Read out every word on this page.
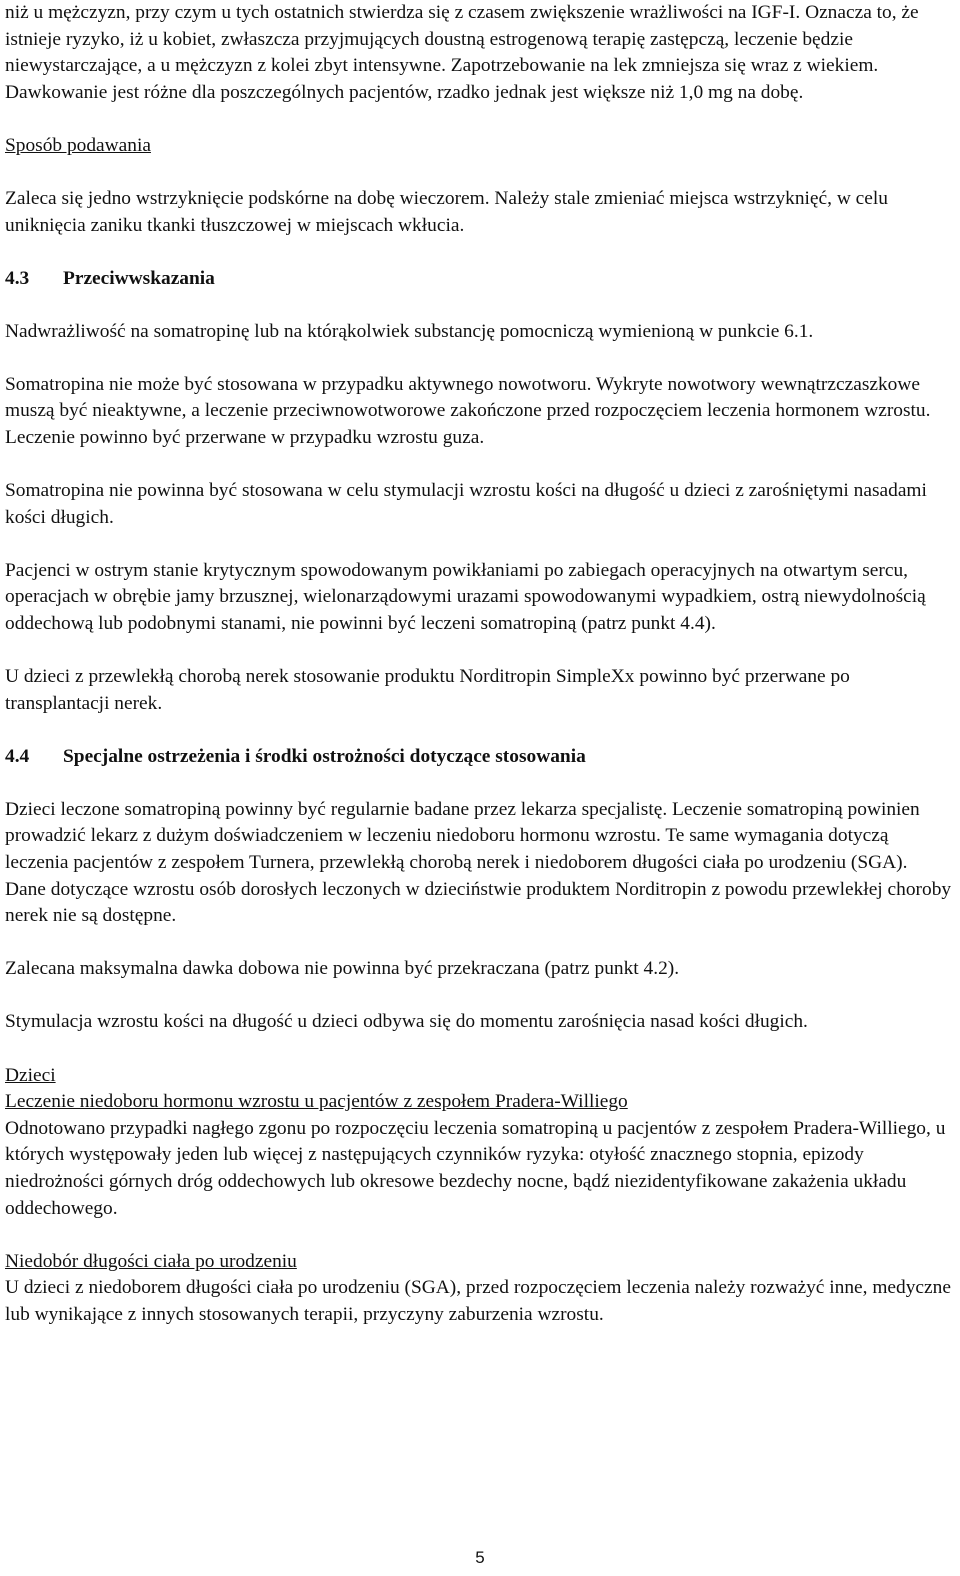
niż u mężczyzn, przy czym u tych ostatnich stwierdza się z czasem zwiększenie wrażliwości na IGF-I. Oznacza to, że istnieje ryzyko, iż u kobiet, zwłaszcza przyjmujących doustną estrogenową terapię zastępczą, leczenie będzie niewystarczające, a u mężczyzn z kolei zbyt intensywne. Zapotrzebowanie na lek zmniejsza się wraz z wiekiem. Dawkowanie jest różne dla poszczególnych pacjentów, rzadko jednak jest większe niż 1,0 mg na dobę.

Sposób podawania

Zaleca się jedno wstrzyknięcie podskórne na dobę wieczorem. Należy stale zmieniać miejsca wstrzyknięć, w celu uniknięcia zaniku tkanki tłuszczowej w miejscach wkłucia.

4.3	Przeciwwskazania

Nadwrażliwość na somatropinę lub na którąkolwiek substancję pomocniczą wymienioną w punkcie 6.1.

Somatropina nie może być stosowana w przypadku aktywnego nowotworu. Wykryte nowotwory wewnątrzczaszkowe muszą być nieaktywne, a leczenie przeciwnowotworowe zakończone przed rozpoczęciem leczenia hormonem wzrostu. Leczenie powinno być przerwane w przypadku wzrostu guza.

Somatropina nie powinna być stosowana w celu stymulacji wzrostu kości na długość u dzieci z zarośniętymi nasadami kości długich.

Pacjenci w ostrym stanie krytycznym spowodowanym powikłaniami po zabiegach operacyjnych na otwartym sercu, operacjach w obrębie jamy brzusznej, wielonarządowymi urazami spowodowanymi wypadkiem, ostrą niewydolnością oddechową lub podobnymi stanami, nie powinni być leczeni somatropiną (patrz punkt 4.4).

U dzieci z przewlekłą chorobą nerek stosowanie produktu Norditropin SimpleXx powinno być przerwane po transplantacji nerek.

4.4	Specjalne ostrzeżenia i środki ostrożności dotyczące stosowania

Dzieci leczone somatropiną powinny być regularnie badane przez lekarza specjalistę. Leczenie somatropiną powinien prowadzić lekarz z dużym doświadczeniem w leczeniu niedoboru hormonu wzrostu. Te same wymagania dotyczą leczenia pacjentów z zespołem Turnera, przewlekłą chorobą nerek i niedoborem długości ciała po urodzeniu (SGA). Dane dotyczące wzrostu osób dorosłych leczonych w dzieciństwie produktem Norditropin z powodu przewlekłej choroby nerek nie są dostępne.

Zalecana maksymalna dawka dobowa nie powinna być przekraczana (patrz punkt 4.2).

Stymulacja wzrostu kości na długość u dzieci odbywa się do momentu zarośnięcia nasad kości długich.

Dzieci

Leczenie niedoboru hormonu wzrostu u pacjentów z zespołem Pradera-Williego

Odnotowano przypadki nagłego zgonu po rozpoczęciu leczenia somatropiną u pacjentów z zespołem Pradera-Williego, u których występowały jeden lub więcej z następujących czynników ryzyka: otyłość znacznego stopnia, epizody niedrożności górnych dróg oddechowych lub okresowe bezdechy nocne, bądź niezidentyfikowane zakażenia układu oddechowego.

Niedobór długości ciała po urodzeniu

U dzieci z niedoborem długości ciała po urodzeniu (SGA), przed rozpoczęciem leczenia należy rozważyć inne, medyczne lub wynikające z innych stosowanych terapii, przyczyny zaburzenia wzrostu.

5
